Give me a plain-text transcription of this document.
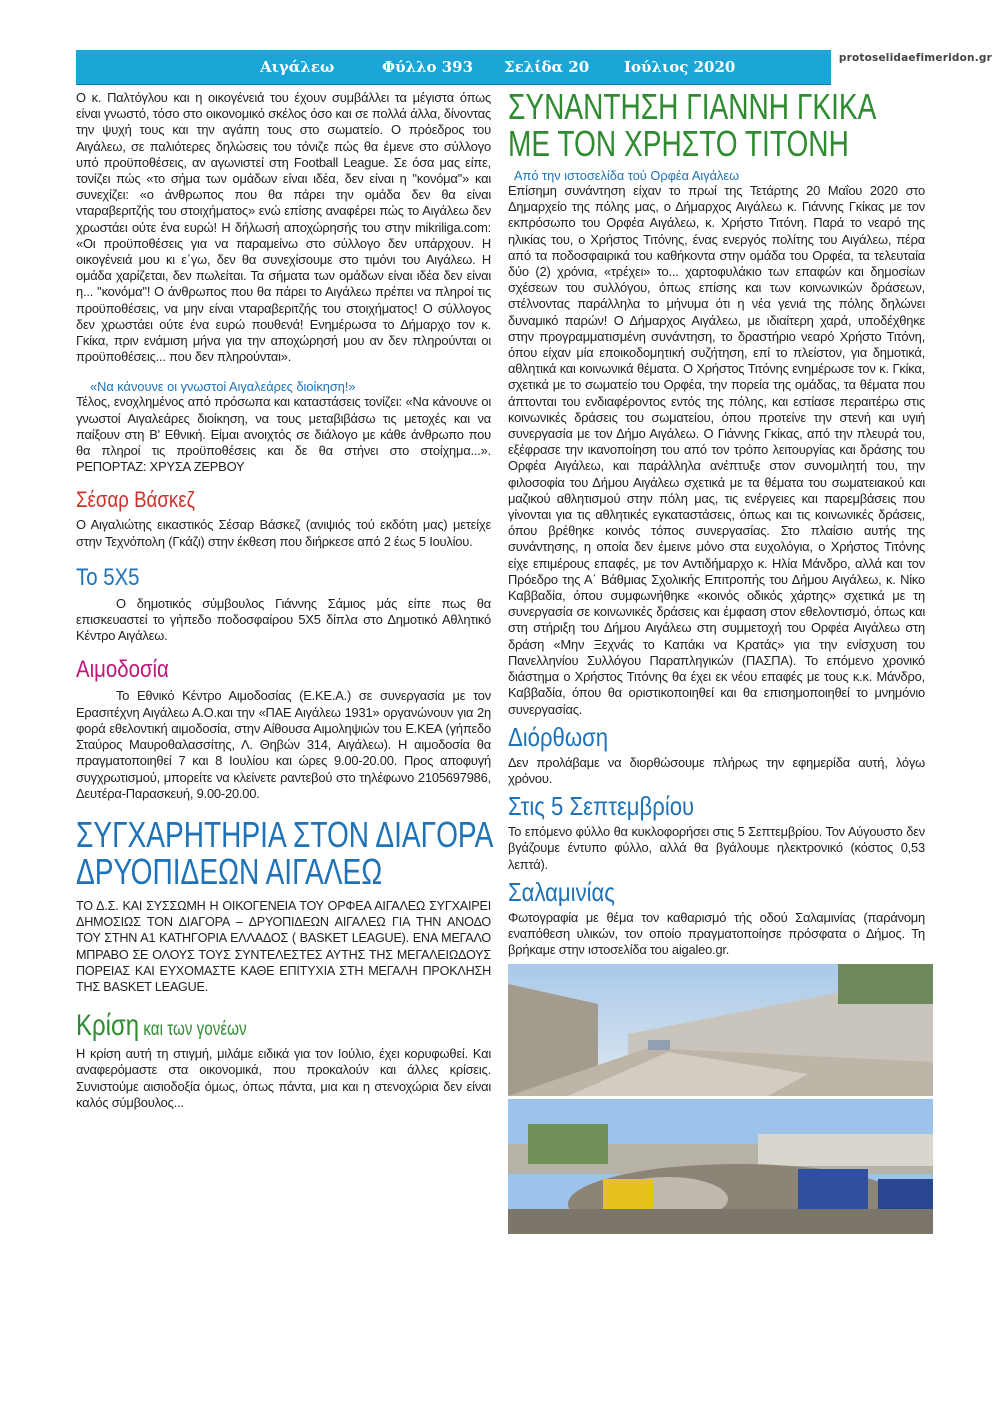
protoselidaefimeridon.gr
Αιγάλεω	Φύλλο 393 Σελίδα 20 Ιούλιος 2020

Ο κ. Παλτόγλου και η οικογένειά του έχουν συμβάλλει τα μέγιστα όπως είναι γνωστό, τόσο στο οικονομικό σκέλος όσο και σε πολλά άλλα, δίνοντας την ψυχή τους και την αγάπη τους στο σωματείο. Ο πρόεδρος του Αιγάλεω, σε παλιότερες δηλώσεις του τόνιζε πώς θα έμενε στο σύλλογο υπό προϋποθέσεις, αν αγωνιστεί στη Football League. Σε όσα μας είπε, τονίζει πώς «το σήμα των ομάδων είναι ιδέα, δεν είναι η ''κονόμα''» και συνεχίζει: «ο άνθρωπος που θα πάρει την ομάδα δεν θα είναι νταραβεριτζής του στοιχήματος» ενώ επίσης αναφέρει πώς το Αιγάλεω δεν χρωστάει ούτε ένα ευρώ! Η δήλωσή αποχώρησής του στην mikriliga.com: «Οι προϋποθέσεις για να παραμείνω στο σύλλογο δεν υπάρχουν. Η οικογένειά μου κι ε΄γω, δεν θα συνεχίσουμε στο τιμόνι του Αιγάλεω. Η ομάδα χαρίζεται, δεν πωλείται. Τα σήματα των ομάδων είναι ιδέα δεν είναι η... ''κονόμα''! Ο άνθρωπος που θα πάρει το Αιγάλεω πρέπει να πληροί τις προϋποθέσεις, να μην είναι νταραβεριτζής του στοιχήματος! Ο σύλλογος δεν χρωστάει ούτε ένα ευρώ πουθενά! Ενημέρωσα το Δήμαρχο τον κ. Γκίκα, πριν ενάμιση μήνα για την αποχώρησή μου αν δεν πληρούνται οι προϋποθέσεις... που δεν πληρούνται».

«Να κάνουνε οι γνωστοί Αιγαλεάρες διοίκηση!»

Τέλος, ενοχλημένος από πρόσωπα και καταστάσεις τονίζει: «Να κάνουνε οι γνωστοί Αιγαλεάρες διοίκηση, να τους μεταβιβάσω τις μετοχές και να παίξουν στη Β' Εθνική. Είμαι ανοιχτός σε διάλογο με κάθε άνθρωπο που θα πληροί τις προϋποθέσεις και δε θα στήνει στο στοίχημα...». ΡΕΠΟΡΤΑΖ: ΧΡΥΣΑ ΖΕΡΒΟΥ

Σέσαρ Βάσκεζ

Ο Αιγαλιώτης εικαστικός Σέσαρ Βάσκεζ (ανιψιός τού εκδότη μας) μετείχε στην Τεχνόπολη (Γκάζι) στην έκθεση που διήρκεσε από 2 έως 5 Ιουλίου.

Το 5Χ5

Ο δημοτικός σύμβουλος Γιάννης Σάμιος μάς είπε πως θα επισκευαστεί το γήπεδο ποδοσφαίρου 5Χ5 δίπλα στο Δημοτικό Αθλητικό Κέντρο Αιγάλεω.

Αιμοδοσία

Το Εθνικό Κέντρο Αιμοδοσίας (Ε.ΚΕ.Α.) σε συνεργασία με τον Ερασιτέχνη Αιγάλεω Α.Ο.και την «ΠΑΕ Αιγάλεω 1931» οργανώνουν για 2η φορά εθελοντική αιμοδοσία, στην Αίθουσα Αιμοληψιών του Ε.ΚΕΑ (γήπεδο Σταύρος Μαυροθαλασσίτης, Λ. Θηβών 314, Αιγάλεω). Η αιμοδοσία θα πραγματοποιηθεί 7 και 8 Ιουλίου και ώρες 9.00-20.00. Προς αποφυγή συγχρωτισμού, μπορείτε να κλείνετε ραντεβού στο τηλέφωνο 2105697986, Δευτέρα-Παρασκευή, 9.00-20.00.

ΣΥΓΧΑΡΗΤΗΡΙΑ ΣΤΟΝ ΔΙΑΓΟΡΑ
ΔΡΥΟΠΙΔΕΩΝ ΑΙΓΑΛΕΩ

ΤΟ Δ.Σ. ΚΑΙ ΣΥΣΣΩΜΗ Η ΟΙΚΟΓΕΝΕΙΑ ΤΟΥ ΟΡΦΕΑ ΑΙΓΑΛΕΩ ΣΥΓΧΑΙΡΕΙ ΔΗΜΟΣΙΩΣ ΤΟΝ ΔΙΑΓΟΡΑ – ΔΡΥΟΠΙΔΕΩΝ ΑΙΓΑΛΕΩ ΓΙΑ ΤΗΝ ΑΝΟΔΟ ΤΟΥ ΣΤΗΝ Α1 ΚΑΤΗΓΟΡΙΑ ΕΛΛΑΔΟΣ ( BASKET LEAGUE). ΕΝΑ ΜΕΓΑΛΟ ΜΠΡΑΒΟ ΣΕ ΟΛΟΥΣ ΤΟΥΣ ΣΥΝΤΕΛΕΣΤΕΣ ΑΥΤΗΣ ΤΗΣ ΜΕΓΑΛΕΙΩΔΟΥΣ ΠΟΡΕΙΑΣ ΚΑΙ ΕΥΧΟΜΑΣΤΕ ΚΑΘΕ ΕΠΙΤΥΧΙΑ ΣΤΗ ΜΕΓΑΛΗ ΠΡΟΚΛΗΣΗ ΤΗΣ BASKET LEAGUE.

Κρίση και των γονέων

Η κρίση αυτή τη στιγμή, μιλάμε ειδικά για τον Ιούλιο, έχει κορυφωθεί. Και αναφερόμαστε στα οικονομικά, που προκαλούν και άλλες κρίσεις. Συνιστούμε αισιοδοξία όμως, όπως πάντα, μια και η στενοχώρια δεν είναι καλός σύμβουλος...

ΣΥΝΑΝΤΗΣΗ ΓΙΑΝΝΗ ΓΚΙΚΑ
ΜΕ ΤΟΝ ΧΡΗΣΤΟ ΤΙΤΟΝΗ
Από την ιστοσελίδα τού Ορφέα Αιγάλεω

Επίσημη συνάντηση είχαν το πρωί της Τετάρτης 20 Μαΐου 2020 στο Δημαρχείο της πόλης μας, ο Δήμαρχος Αιγάλεω κ. Γιάννης Γκίκας με τον εκπρόσωπο του Ορφέα Αιγάλεω, κ. Χρήστο Τιτόνη. Παρά το νεαρό της ηλικίας του, ο Χρήστος Τιτόνης, ένας ενεργός πολίτης του Αιγάλεω, πέρα από τα ποδοσφαιρικά του καθήκοντα στην ομάδα του Ορφέα, τα τελευταία δύο (2) χρόνια, «τρέχει» το... χαρτοφυλάκιο των επαφών και δημοσίων σχέσεων του συλλόγου, όπως επίσης και των κοινωνικών δράσεων, στέλνοντας παράλληλα το μήνυμα ότι η νέα γενιά της πόλης δηλώνει δυναμικό παρών! Ο Δήμαρχος Αιγάλεω, με ιδιαίτερη χαρά, υποδέχθηκε στην προγραμματισμένη συνάντηση, το δραστήριο νεαρό Χρήστο Τιτόνη, όπου είχαν μία εποικοδομητική συζήτηση, επί το πλείστον, για δημοτικά, αθλητικά και κοινωνικά θέματα. Ο Χρήστος Τιτόνης ενημέρωσε τον κ. Γκίκα, σχετικά με το σωματείο του Ορφέα, την πορεία της ομάδας, τα θέματα που άπτονται του ενδιαφέροντος εντός της πόλης, και εστίασε περαιτέρω στις κοινωνικές δράσεις του σωματείου, όπου προτείνε την στενή και υγιή συνεργασία με τον Δήμο Αιγάλεω. Ο Γιάννης Γκίκας, από την πλευρά του, εξέφρασε την ικανοποίηση του από τον τρόπο λειτουργίας και δράσης του Ορφέα Αιγάλεω, και παράλληλα ανέπτυξε στον συνομιλητή του, την φιλοσοφία του Δήμου Αιγάλεω σχετικά με τα θέματα του σωματειακού και μαζικού αθλητισμού στην πόλη μας, τις ενέργειες και παρεμβάσεις που γίνονται για τις αθλητικές εγκαταστάσεις, όπως και τις κοινωνικές δράσεις, όπου βρέθηκε κοινός τόπος συνεργασίας. Στο πλαίσιο αυτής της συνάντησης, η οποία δεν έμεινε μόνο στα ευχολόγια, ο Χρήστος Τιτόνης είχε επιμέρους επαφές, με τον Αντιδήμαρχο κ. Ηλία Μάνδρο, αλλά και τον Πρόεδρο της Α΄ Βάθμιας Σχολικής Επιτροπής του Δήμου Αιγάλεω, κ. Νίκο Καββαδία, όπου συμφωνήθηκε «κοινός οδικός χάρτης» σχετικά με τη συνεργασία σε κοινωνικές δράσεις και έμφαση στον εθελοντισμό, όπως και στη στήριξη του Δήμου Αιγάλεω στη συμμετοχή του Ορφέα Αιγάλεω στη δράση «Μην Ξεχνάς το Καπάκι να Κρατάς» για την ενίσχυση του Πανελληνίου Συλλόγου Παραπληγικών (ΠΑΣΠΑ). Το επόμενο χρονικό διάστημα ο Χρήστος Τιτόνης θα έχει εκ νέου επαφές με τους κ.κ. Μάνδρο, Καββαδία, όπου θα οριστικοποιηθεί και θα επισημοποιηθεί το μνημόνιο συνεργασίας.

Διόρθωση

Δεν προλάβαμε να διορθώσουμε πλήρως την εφημερίδα αυτή, λόγω χρόνου.

Στις 5 Σεπτεμβρίου

Το επόμενο φύλλο θα κυκλοφορήσει στις 5 Σεπτεμβρίου. Τον Αύγουστο δεν βγάζουμε έντυπο φύλλο, αλλά θα βγάλουμε ηλεκτρονικό (κόστος 0,53 λεπτά).

Σαλαμινίας

Φωτογραφία με θέμα τον καθαρισμό τής οδού Σαλαμινίας (παράνομη εναπόθεση υλικών, τον οποίο πραγματοποίησε πρόσφατα ο Δήμος. Τη βρήκαμε στην ιστοσελίδα του aigaleo.gr.
